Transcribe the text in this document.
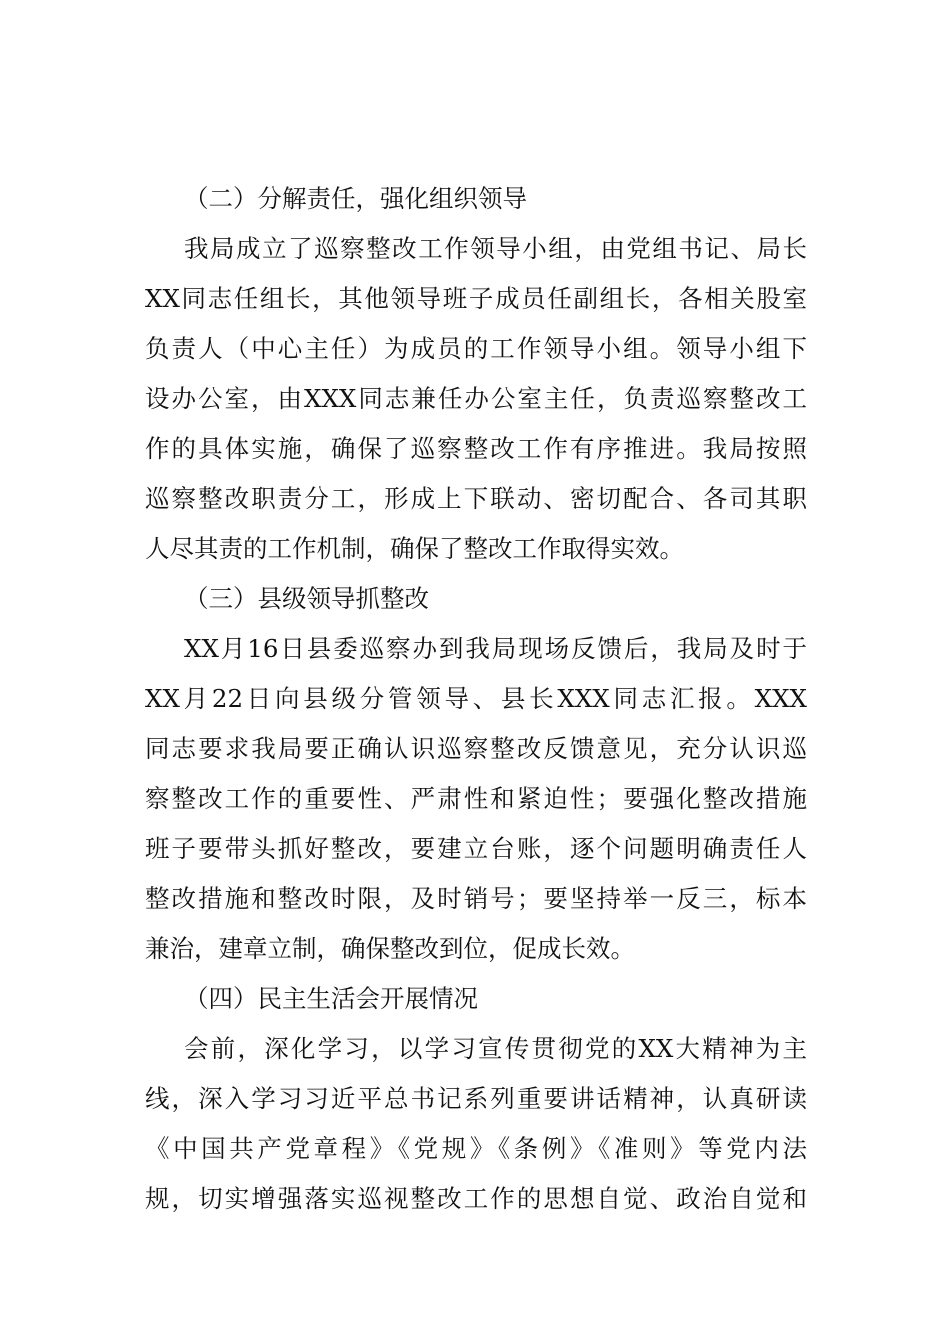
（二）分解责任，强化组织领导
我局成立了巡察整改工作领导小组，由党组书记、局长
XX同志任组长，其他领导班子成员任副组长，各相关股室
负责人（中心主任）为成员的工作领导小组。领导小组下
设办公室，由XXX同志兼任办公室主任，负责巡察整改工
作的具体实施，确保了巡察整改工作有序推进。我局按照
巡察整改职责分工，形成上下联动、密切配合、各司其职
人尽其责的工作机制，确保了整改工作取得实效。
（三）县级领导抓整改
XX月16日县委巡察办到我局现场反馈后，我局及时于
XX月22日向县级分管领导、县长XXX同志汇报。XXX
同志要求我局要正确认识巡察整改反馈意见，充分认识巡
察整改工作的重要性、严肃性和紧迫性；要强化整改措施
班子要带头抓好整改，要建立台账，逐个问题明确责任人
整改措施和整改时限，及时销号；要坚持举一反三，标本
兼治，建章立制，确保整改到位，促成长效。
（四）民主生活会开展情况
会前，深化学习，以学习宣传贯彻党的XX大精神为主
线，深入学习习近平总书记系列重要讲话精神，认真研读
《中国共产党章程》《党规》《条例》《准则》等党内法
规，切实增强落实巡视整改工作的思想自觉、政治自觉和
